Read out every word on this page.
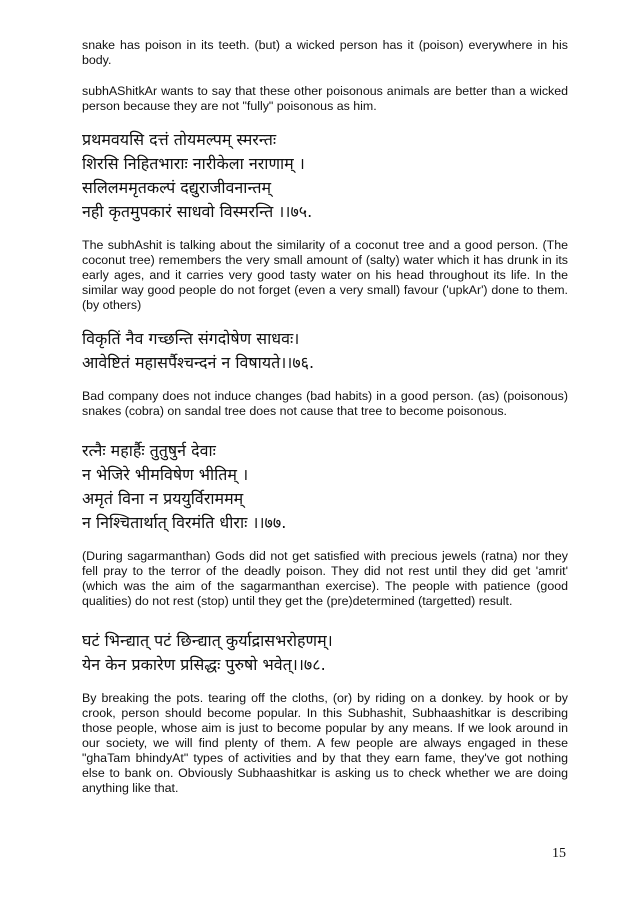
snake has poison in its teeth. (but) a wicked person has it (poison) everywhere in his body.

subhAShitkAr wants to say that these other poisonous animals are better than a wicked person because they are not "fully" poisonous as him.

प्रथमवयसि दत्तं तोयमल्पम् स्मरन्तः

शिरसि निहितभाराः नारीकेला नराणाम् ।

सलिलममृतकल्पं दद्युराजीवनान्तम्

नही कृतमुपकारं साधवो विस्मरन्ति ।।७५.

The subhAshit is talking about the similarity of a coconut tree and a good person. (The coconut tree) remembers the very small amount of (salty) water which it has drunk in its early ages, and it carries very good tasty water on his head throughout its life. In the similar way good people do not forget (even a very small) favour ('upkAr') done to them.(by others)

विकृतिं नैव गच्छन्ति संगदोषेण साधवः।

आवेष्टितं महासर्पैश्चन्दनं न विषायते।।७६.

Bad company does not induce changes (bad habits) in a good person. (as) (poisonous) snakes (cobra) on sandal tree does not cause that tree to become poisonous.

रत्नैः महार्हैः तुतुषुर्न देवाः

न भेजिरे भीमविषेण भीतिम् ।

अमृतं विना न प्रययुर्विराममम्

न निश्चितार्थात् विरमंति धीराः ।।७७.

(During sagarmanthan) Gods did not get satisfied with precious jewels (ratna) nor they fell pray to the terror of the deadly poison. They did not rest until they did get 'amrit' (which was the aim of the sagarmanthan exercise). The people with patience (good qualities) do not rest (stop) until they get the (pre)determined (targetted) result.

घटं भिन्द्यात् पटं छिन्द्यात् कुर्याद्रासभरोहणम्।

येन केन प्रकारेण प्रसिद्धः पुरुषो भवेत्।।७८.

By breaking the pots. tearing off the cloths, (or) by riding on a donkey. by hook or by crook, person should become popular. In this Subhashit, Subhaashitkar is describing those people, whose aim is just to become popular by any means. If we look around in our society, we will find plenty of them. A few people are always engaged in these "ghaTam bhindyAt" types of activities and by that they earn fame, they've got nothing else to bank on. Obviously Subhaashitkar is asking us to check whether we are doing anything like that.

15
